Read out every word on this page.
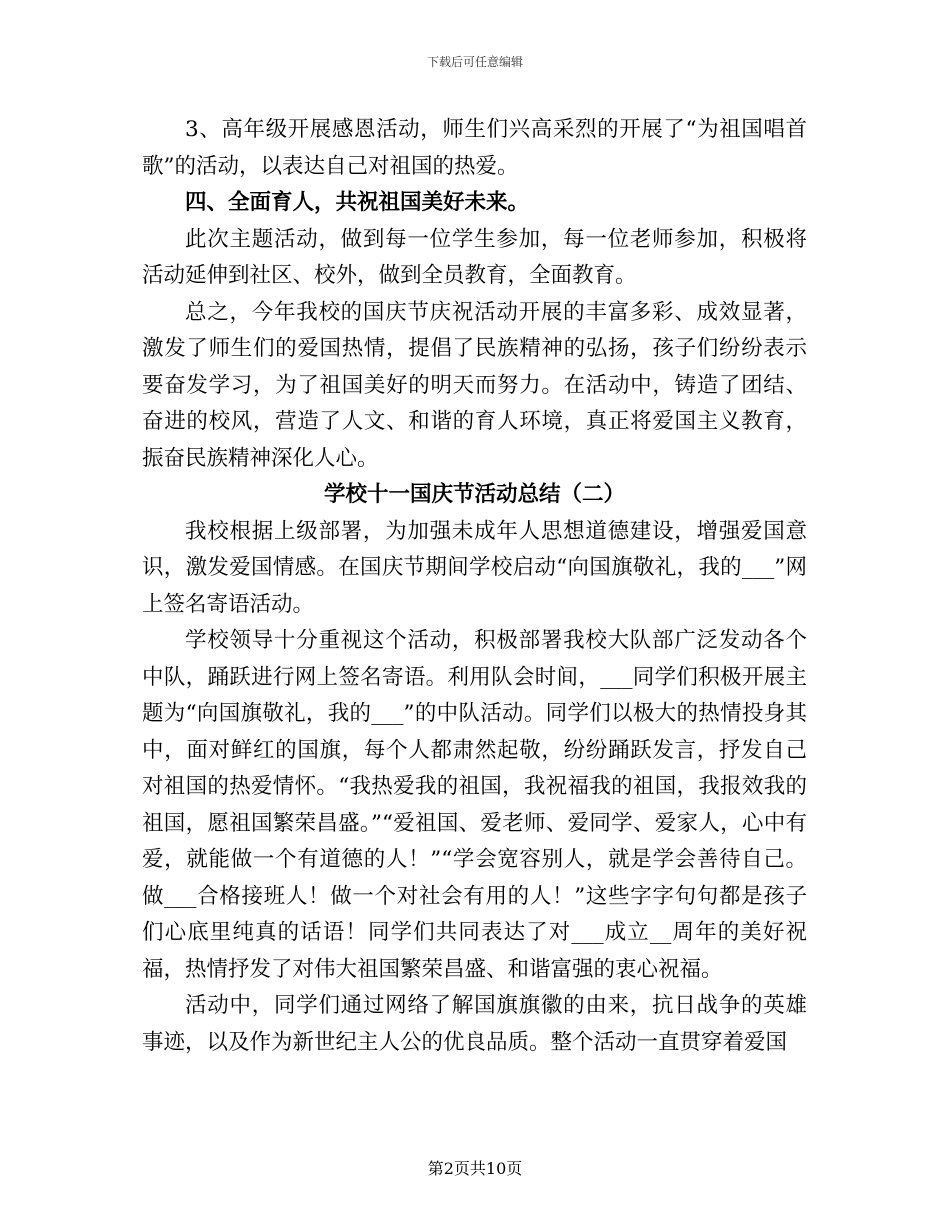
下载后可任意编辑

3、高年级开展感恩活动，师生们兴高采烈的开展了“为祖国唱首歌”的活动，以表达自己对祖国的热爱。

四、全面育人，共祝祖国美好未来。

此次主题活动，做到每一位学生参加，每一位老师参加，积极将活动延伸到社区、校外，做到全员教育，全面教育。

总之，今年我校的国庆节庆祝活动开展的丰富多彩、成效显著，激发了师生们的爱国热情，提倡了民族精神的弘扬，孩子们纷纷表示要奋发学习，为了祖国美好的明天而努力。在活动中，铸造了团结、奋进的校风，营造了人文、和谐的育人环境，真正将爱国主义教育，振奋民族精神深化人心。

学校十一国庆节活动总结（二）

我校根据上级部署，为加强未成年人思想道德建设，增强爱国意识，激发爱国情感。在国庆节期间学校启动“向国旗敬礼，我的___”网上签名寄语活动。

学校领导十分重视这个活动，积极部署我校大队部广泛发动各个中队，踊跃进行网上签名寄语。利用队会时间，___同学们积极开展主题为“向国旗敬礼，我的___”的中队活动。同学们以极大的热情投身其中，面对鲜红的国旗，每个人都肃然起敬，纷纷踊跃发言，抒发自己对祖国的热爱情怀。“我热爱我的祖国，我祝福我的祖国，我报效我的祖国，愿祖国繁荣昌盛。”“爱祖国、爱老师、爱同学、爱家人，心中有爱，就能做一个有道德的人！”“学会宽容别人，就是学会善待自己。做___合格接班人！做一个对社会有用的人！”这些字字句句都是孩子们心底里纯真的话语！同学们共同表达了对___成立__周年的美好祝福，热情抒发了对伟大祖国繁荣昌盛、和谐富强的衷心祝福。

活动中，同学们通过网络了解国旗旗徽的由来，抗日战争的英雄事迹，以及作为新世纪主人公的优良品质。整个活动一直贯穿着爱国

第2页共10页
